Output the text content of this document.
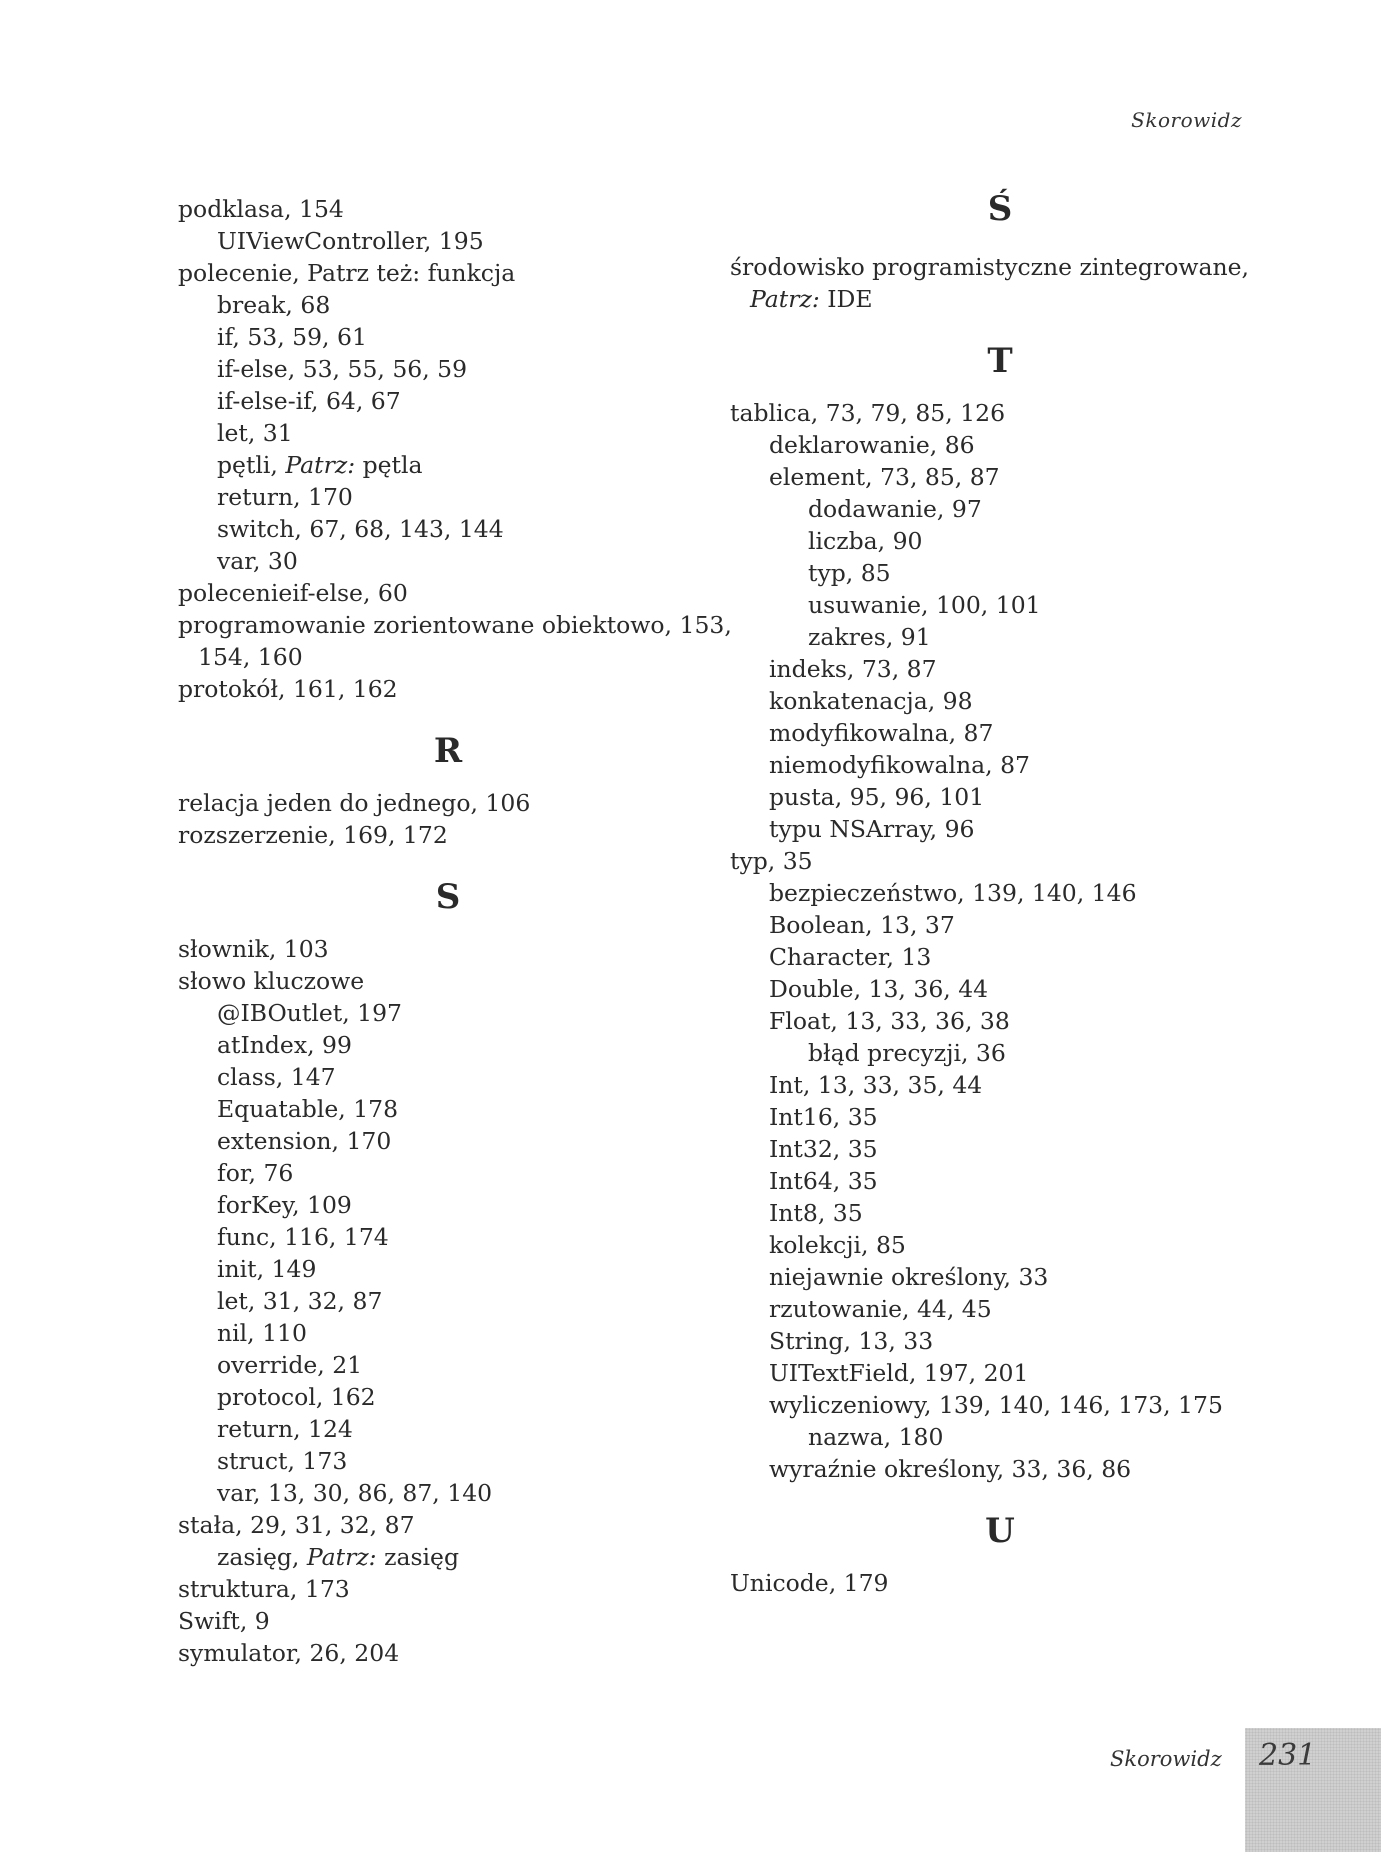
Skorowidz
podklasa, 154
UIViewController, 195
polecenie, Patrz też: funkcja
break, 68
if, 53, 59, 61
if-else, 53, 55, 56, 59
if-else-if, 64, 67
let, 31
pętli, Patrz: pętla
return, 170
switch, 67, 68, 143, 144
var, 30
polecenieif-else, 60
programowanie zorientowane obiektowo, 153,
154, 160
protokół, 161, 162
R
relacja jeden do jednego, 106
rozszerzenie, 169, 172
S
słownik, 103
słowo kluczowe
@IBOutlet, 197
atIndex, 99
class, 147
Equatable, 178
extension, 170
for, 76
forKey, 109
func, 116, 174
init, 149
let, 31, 32, 87
nil, 110
override, 21
protocol, 162
return, 124
struct, 173
var, 13, 30, 86, 87, 140
stała, 29, 31, 32, 87
zasięg, Patrz: zasięg
struktura, 173
Swift, 9
symulator, 26, 204
Ś
środowisko programistyczne zintegrowane,
Patrz: IDE
T
tablica, 73, 79, 85, 126
deklarowanie, 86
element, 73, 85, 87
dodawanie, 97
liczba, 90
typ, 85
usuwanie, 100, 101
zakres, 91
indeks, 73, 87
konkatenacja, 98
modyfikowalna, 87
niemodyfikowalna, 87
pusta, 95, 96, 101
typu NSArray, 96
typ, 35
bezpieczeństwo, 139, 140, 146
Boolean, 13, 37
Character, 13
Double, 13, 36, 44
Float, 13, 33, 36, 38
błąd precyzji, 36
Int, 13, 33, 35, 44
Int16, 35
Int32, 35
Int64, 35
Int8, 35
kolekcji, 85
niejawnie określony, 33
rzutowanie, 44, 45
String, 13, 33
UITextField, 197, 201
wyliczeniowy, 139, 140, 146, 173, 175
nazwa, 180
wyraźnie określony, 33, 36, 86
U
Unicode, 179
Skorowidz 231
